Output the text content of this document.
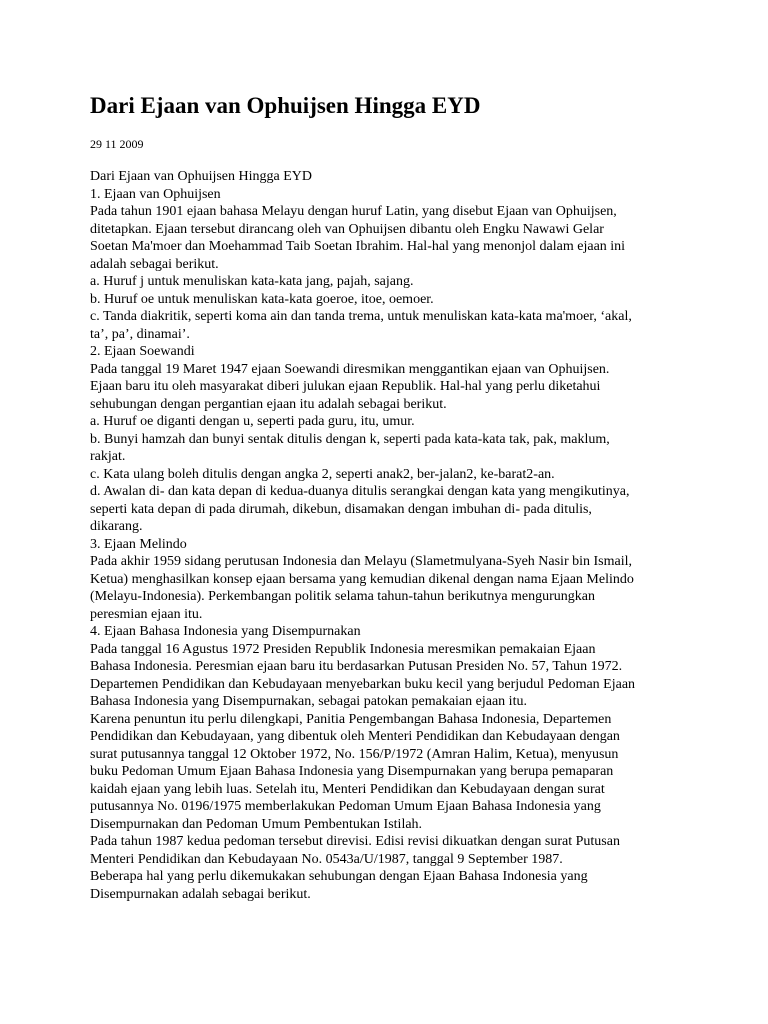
Dari Ejaan van Ophuijsen Hingga EYD
29 11 2009
Dari Ejaan van Ophuijsen Hingga EYD
1. Ejaan van Ophuijsen
Pada tahun 1901 ejaan bahasa Melayu dengan huruf Latin, yang disebut Ejaan van Ophuijsen,
ditetapkan. Ejaan tersebut dirancang oleh van Ophuijsen dibantu oleh Engku Nawawi Gelar
Soetan Ma'moer dan Moehammad Taib Soetan Ibrahim. Hal-hal yang menonjol dalam ejaan ini
adalah sebagai berikut.
a. Huruf j untuk menuliskan kata-kata jang, pajah, sajang.
b. Huruf oe untuk menuliskan kata-kata goeroe, itoe, oemoer.
c. Tanda diakritik, seperti koma ain dan tanda trema, untuk menuliskan kata-kata ma'moer, ‘akal,
ta’, pa’, dinamai’.
2. Ejaan Soewandi
Pada tanggal 19 Maret 1947 ejaan Soewandi diresmikan menggantikan ejaan van Ophuijsen.
Ejaan baru itu oleh masyarakat diberi julukan ejaan Republik. Hal-hal yang perlu diketahui
sehubungan dengan pergantian ejaan itu adalah sebagai berikut.
a. Huruf oe diganti dengan u, seperti pada guru, itu, umur.
b. Bunyi hamzah dan bunyi sentak ditulis dengan k, seperti pada kata-kata tak, pak, maklum,
rakjat.
c. Kata ulang boleh ditulis dengan angka 2, seperti anak2, ber-jalan2, ke-barat2-an.
d. Awalan di- dan kata depan di kedua-duanya ditulis serangkai dengan kata yang mengikutinya,
seperti kata depan di pada dirumah, dikebun, disamakan dengan imbuhan di- pada ditulis,
dikarang.
3. Ejaan Melindo
Pada akhir 1959 sidang perutusan Indonesia dan Melayu (Slametmulyana-Syeh Nasir bin Ismail,
Ketua) menghasilkan konsep ejaan bersama yang kemudian dikenal dengan nama Ejaan Melindo
(Melayu-Indonesia). Perkembangan politik selama tahun-tahun berikutnya mengurungkan
peresmian ejaan itu.
4. Ejaan Bahasa Indonesia yang Disempurnakan
Pada tanggal 16 Agustus 1972 Presiden Republik Indonesia meresmikan pemakaian Ejaan
Bahasa Indonesia. Peresmian ejaan baru itu berdasarkan Putusan Presiden No. 57, Tahun 1972.
Departemen Pendidikan dan Kebudayaan menyebarkan buku kecil yang berjudul Pedoman Ejaan
Bahasa Indonesia yang Disempurnakan, sebagai patokan pemakaian ejaan itu.
Karena penuntun itu perlu dilengkapi, Panitia Pengembangan Bahasa Indonesia, Departemen
Pendidikan dan Kebudayaan, yang dibentuk oleh Menteri Pendidikan dan Kebudayaan dengan
surat putusannya tanggal 12 Oktober 1972, No. 156/P/1972 (Amran Halim, Ketua), menyusun
buku Pedoman Umum Ejaan Bahasa Indonesia yang Disempurnakan yang berupa pemaparan
kaidah ejaan yang lebih luas. Setelah itu, Menteri Pendidikan dan Kebudayaan dengan surat
putusannya No. 0196/1975 memberlakukan Pedoman Umum Ejaan Bahasa Indonesia yang
Disempurnakan dan Pedoman Umum Pembentukan Istilah.
Pada tahun 1987 kedua pedoman tersebut direvisi. Edisi revisi dikuatkan dengan surat Putusan
Menteri Pendidikan dan Kebudayaan No. 0543a/U/1987, tanggal 9 September 1987.
Beberapa hal yang perlu dikemukakan sehubungan dengan Ejaan Bahasa Indonesia yang
Disempurnakan adalah sebagai berikut.
